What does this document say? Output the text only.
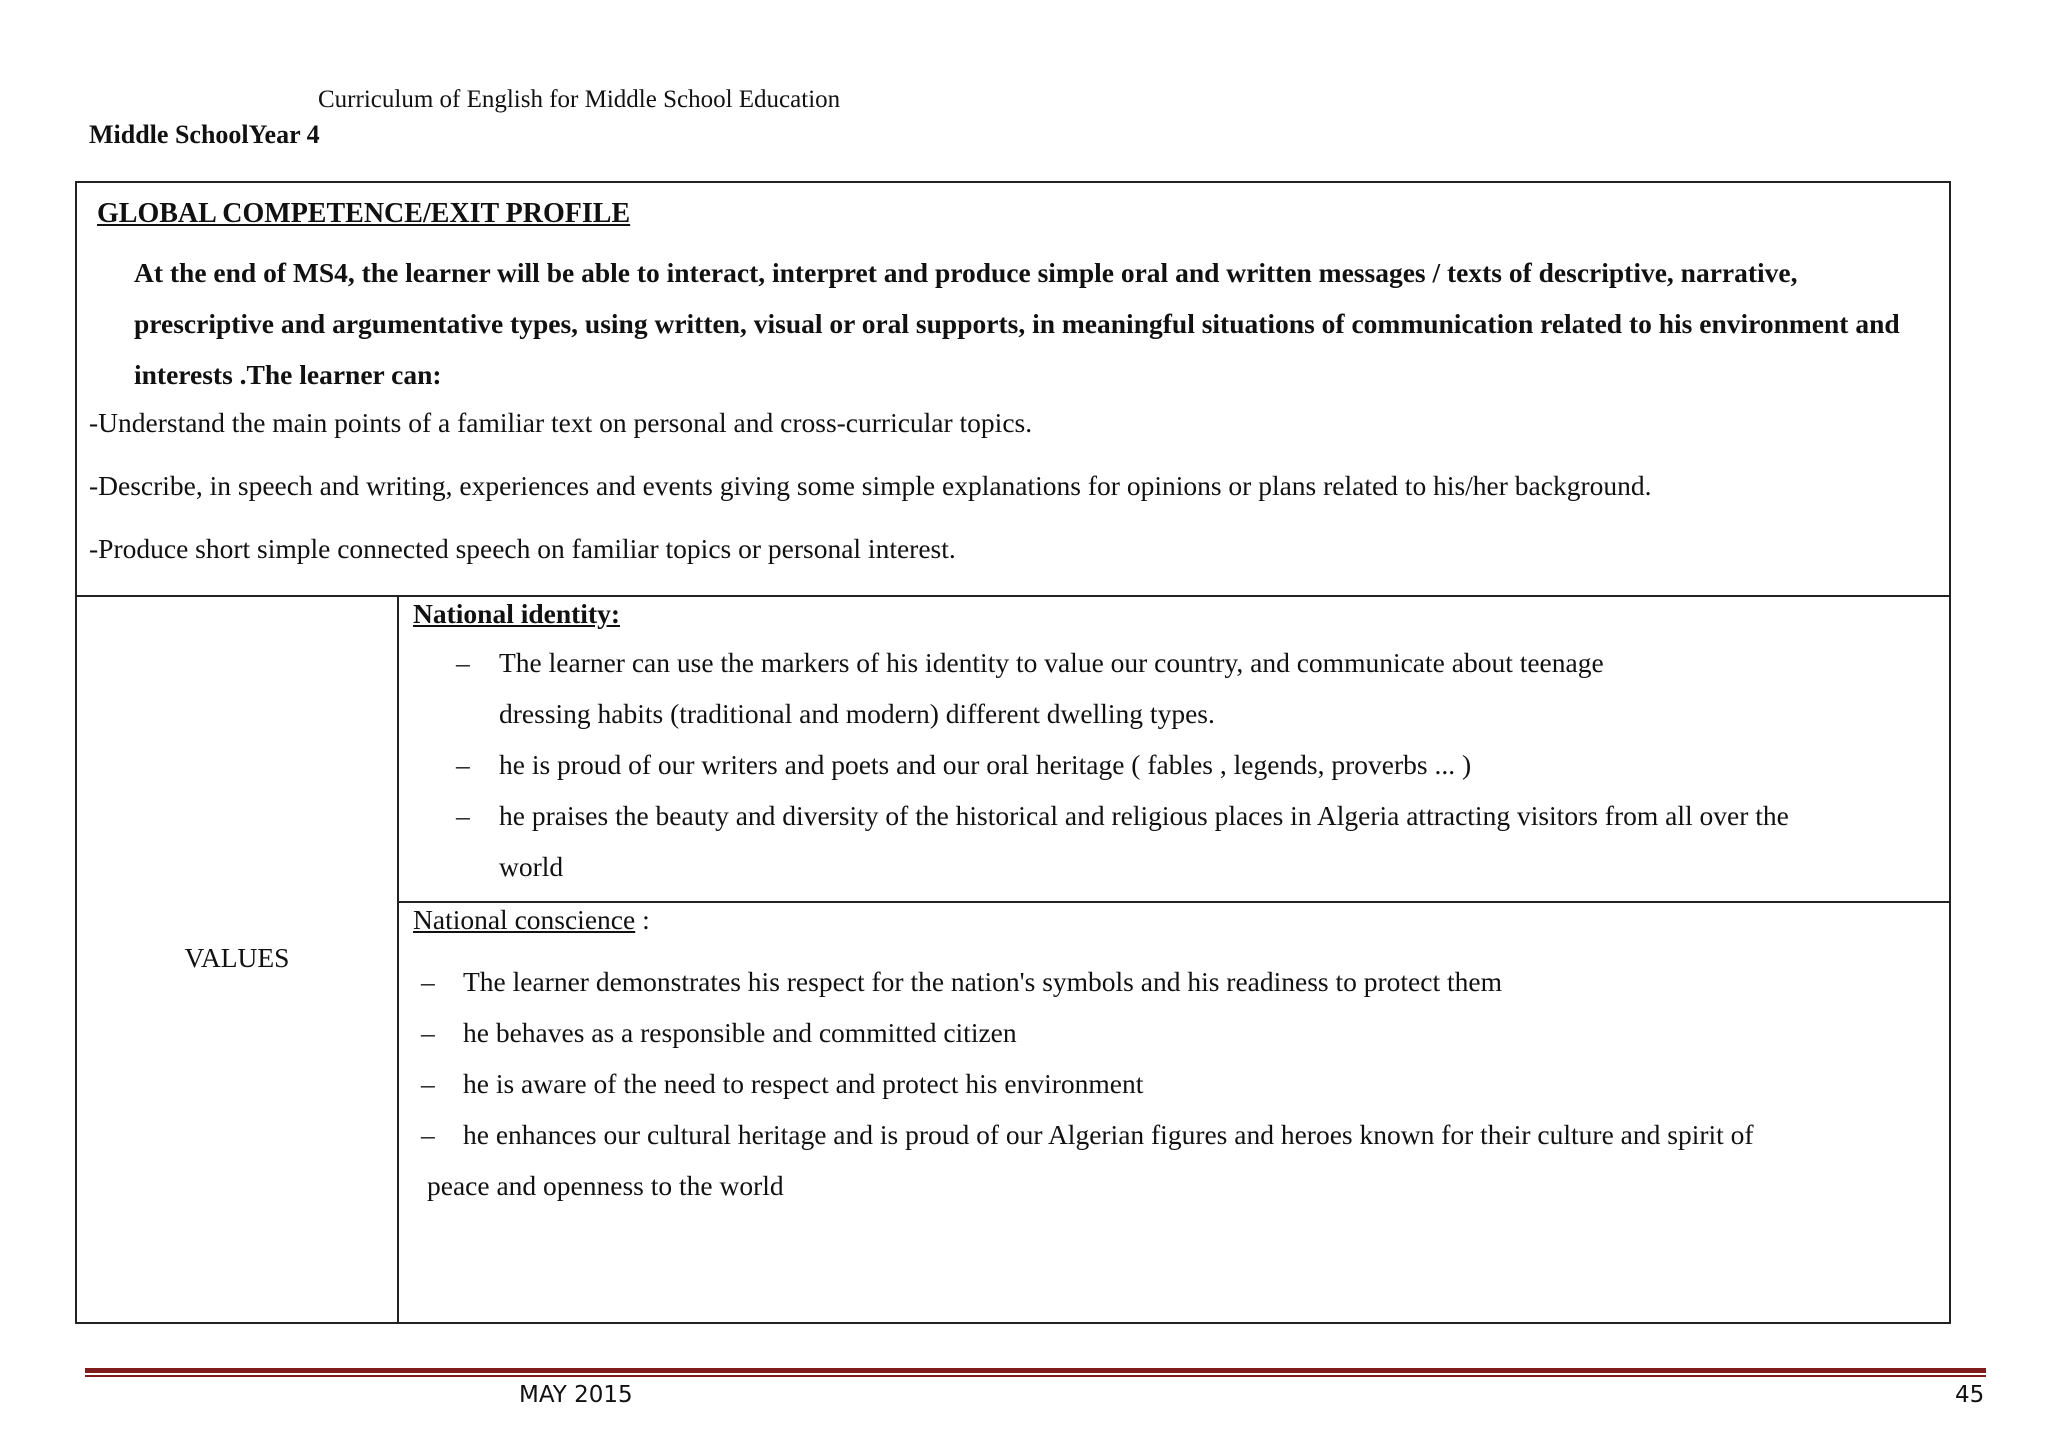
Curriculum of English for Middle School Education
Middle SchoolYear 4
GLOBAL COMPETENCE/EXIT PROFILE
At the end of MS4, the learner will be able to interact, interpret and produce simple oral and written messages / texts of descriptive, narrative, prescriptive and argumentative types, using written, visual or oral supports, in meaningful situations of communication related to his environment and interests .The learner can:
-Understand the main points of a familiar text on personal and cross-curricular topics.
-Describe, in speech and writing, experiences and events giving some simple explanations for opinions or plans related to his/her background.
-Produce short simple connected speech on familiar topics or personal interest.
VALUES
National identity:
– The learner can use the markers of his identity to value our country, and communicate about teenage
dressing habits (traditional and modern) different dwelling types.
– he is proud of our writers and poets and our oral heritage ( fables , legends, proverbs ... )
– he praises the beauty and diversity of the historical and religious places in Algeria attracting visitors from all over the
world
National conscience :
– The learner demonstrates his respect for the nation's symbols and his readiness to protect them
– he behaves as a responsible and committed citizen
– he is aware of the need to respect and protect his environment
– he enhances our cultural heritage and is proud of our Algerian figures and heroes known for their culture and spirit of
peace and openness to the world
MAY 2015	45
